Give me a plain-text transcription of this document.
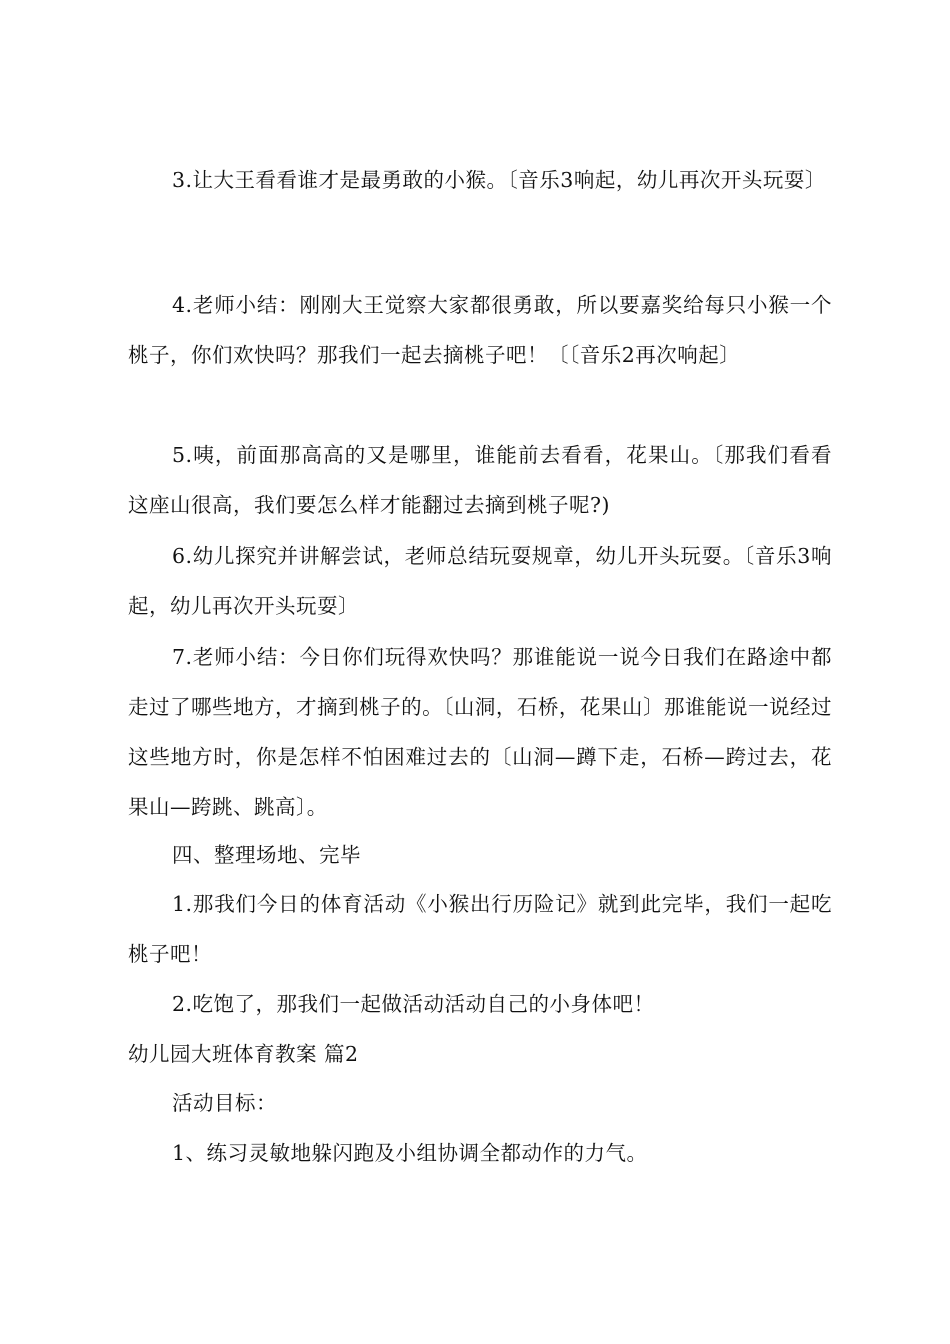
3.让大王看看谁才是最勇敢的小猴。〔音乐3响起，幼儿再次开头玩耍〕

4.老师小结：刚刚大王觉察大家都很勇敢，所以要嘉奖给每只小猴一个桃子，你们欢快吗？那我们一起去摘桃子吧！〔〔音乐2再次响起〕

5.咦，前面那高高的又是哪里，谁能前去看看，花果山。〔那我们看看这座山很高，我们要怎么样才能翻过去摘到桃子呢?)

6.幼儿探究并讲解尝试，老师总结玩耍规章，幼儿开头玩耍。〔音乐3响起，幼儿再次开头玩耍〕

7.老师小结：今日你们玩得欢快吗？那谁能说一说今日我们在路途中都走过了哪些地方，才摘到桃子的。〔山洞，石桥，花果山〕那谁能说一说经过这些地方时，你是怎样不怕困难过去的〔山洞—蹲下走，石桥—跨过去，花果山—跨跳、跳高〕。

四、整理场地、完毕

1.那我们今日的体育活动《小猴出行历险记》就到此完毕，我们一起吃桃子吧！

2.吃饱了，那我们一起做活动活动自己的小身体吧！

幼儿园大班体育教案 篇2

活动目标：

1、练习灵敏地躲闪跑及小组协调全都动作的力气。
